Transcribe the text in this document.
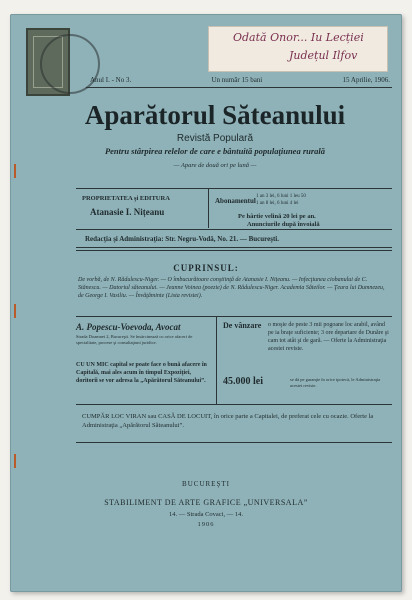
Odată Onor... Iu Lecției
Județul Ilfov
Anul I. - No 3.	Un număr 15 bani	15 Aprilie, 1906.
Aparătorul Săteanului
Revistă Populară
Pentru stârpirea relelor de care e bântuită populaţiunea rurală
— Apare de două ori pe lună —
PROPRIETATEA şi EDITURA
Atanasie I. Nițeanu
Abonamentul
1 an 3 lei, 6 luni 1 leu 50
1 an 8 lei, 6 luni 4 lei
Pe hârtie velină 20 lei pe an.
Anunciurile după învoială
Redacţia şi Administraţia: Str. Negru-Vodă, No. 21. — Bucureşti.
CUPRINSUL:
De vorbă, de N. Rădulescu-Niger. — O îmbucurătoare conştiinţă de Atanasie I. Nițeanu. — Infecţiunea ciobanului de C. Stănescu. — Datoriul săteanului. — Jeanne Voinea (poezie) de N. Rădulescu-Niger. Academia Săteilor. — Ţeara lui Dumnezeu, de George I. Vasiliu. — Învăţăminte (Lista revistei).
A. Popescu-Voevoda, Avocat
Strada Doamnei 2, Bucureşti. Se însărcinează cu orice afaceri de specialitate, procese şi consultaţiuni juridice.
CU UN MIC capital se poate face o bună afacere în Capitală, mai ales acum în timpul Expoziţiei, doritorii se vor adresa la „Apărătorul Săteanului”.
De vânzare o moşie de peste 3 mii pogoane loc arabil, având pe ia braţe suficiente; 3 ore departare de Dunăre şi cam tot atât şi de gară. — Oferte la Administraţia acestei reviste.
45.000 lei	se dă pe garanţie în orice ipotecă, le Administraţia acestei reviste.
CUMPĂR LOC VIRAN sau CASĂ DE LOCUIT, în orice parte a Capitalei, de preferat cele cu ocazie. Oferte la Administraţia „Apărătorul Săteanului”.
BUCUREŞTI
STABILIMENT DE ARTE GRAFICE „UNIVERSALA”
14. — Strada Covaci, — 14.
1906
